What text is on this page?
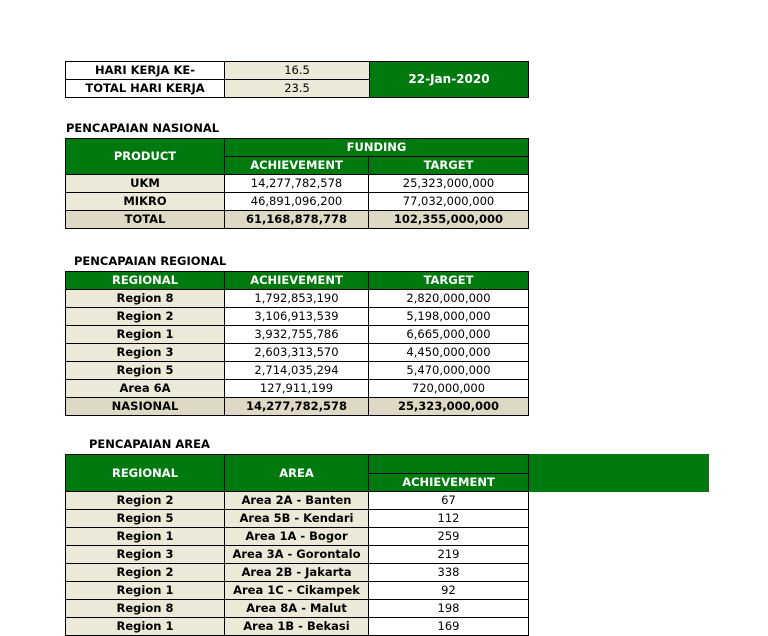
HARI KERJA KE-	16.5	22-Jan-2020
TOTAL HARI KERJA	23.5	
PENCAPAIAN NASIONAL
PRODUCT	FUNDING	
	ACHIEVEMENT	TARGET
UKM	14,277,782,578	25,323,000,000
MIKRO	46,891,096,200	77,032,000,000
TOTAL	61,168,878,778	102,355,000,000
PENCAPAIAN REGIONAL
REGIONAL	ACHIEVEMENT	TARGET
Region 8	1,792,853,190	2,820,000,000
Region 2	3,106,913,539	5,198,000,000
Region 1	3,932,755,786	6,665,000,000
Region 3	2,603,313,570	4,450,000,000
Region 5	2,714,035,294	5,470,000,000
Area 6A	127,911,199	720,000,000
NASIONAL	14,277,782,578	25,323,000,000
PENCAPAIAN AREA
REGIONAL	AREA	
		ACHIEVEMENT
Region 2	Area 2A - Banten	67
Region 5	Area 5B - Kendari	112
Region 1	Area 1A - Bogor	259
Region 3	Area 3A - Gorontalo	219
Region 2	Area 2B - Jakarta	338
Region 1	Area 1C - Cikampek	92
Region 8	Area 8A - Malut	198
Region 1	Area 1B - Bekasi	169
